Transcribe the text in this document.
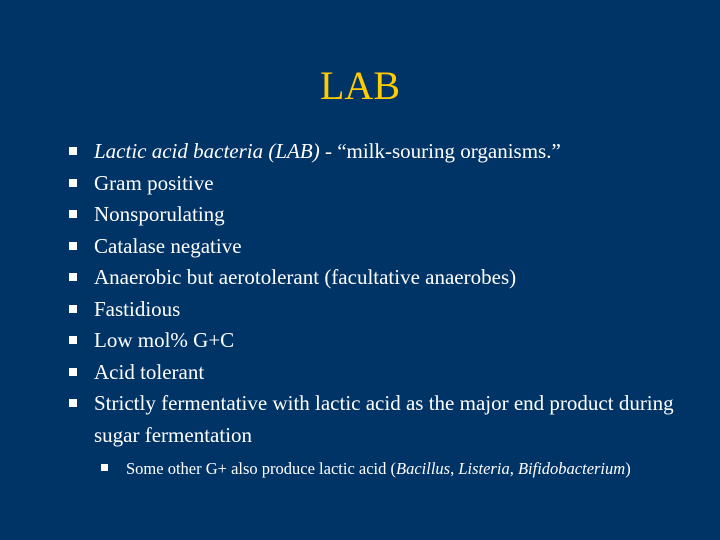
LAB
Lactic acid bacteria (LAB) - “milk-souring organisms.”
Gram positive
Nonsporulating
Catalase negative
Anaerobic but aerotolerant (facultative anaerobes)
Fastidious
Low mol% G+C
Acid tolerant
Strictly fermentative with lactic acid as the major end product during sugar fermentation
Some other G+ also produce lactic acid (Bacillus, Listeria, Bifidobacterium)
